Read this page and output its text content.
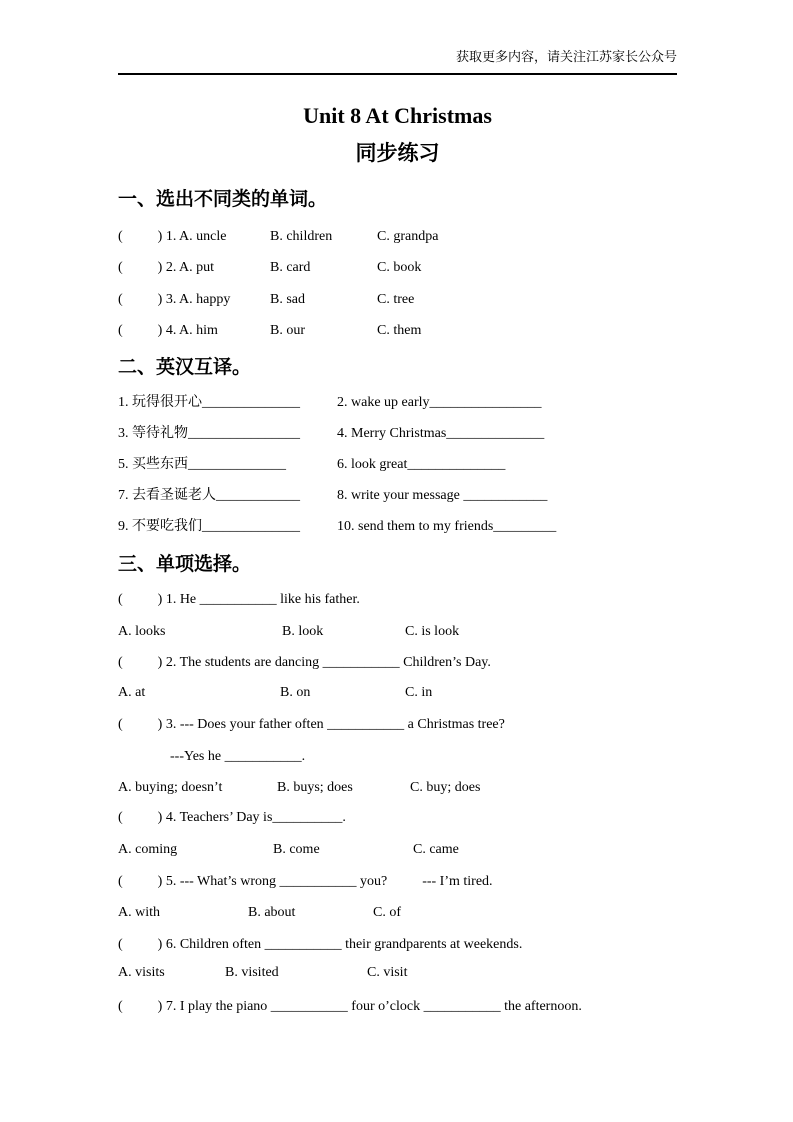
获取更多内容，请关注江苏家长公众号
Unit 8 At Christmas
同步练习
一、选出不同类的单词。
(          ) 1. A. uncle	B. children	C. grandpa
(          ) 2. A. put	B. card	C. book
(          ) 3. A. happy	B. sad	C. tree
(          ) 4. A. him	B. our	C. them
二、英汉互译。
1. 玩得很开心______________	2. wake up early________________
3. 等待礼物________________	4. Merry Christmas______________
5. 买些东西______________	6. look great______________
7. 去看圣诞老人____________	8. write your message ____________
9. 不要吃我们______________	10. send them to my friends_________
三、单项选择。
(          ) 1. He ___________ like his father.
A. looks	B. look	C. is look
(          ) 2. The students are dancing ___________ Children’s Day.
A. at	B. on	C. in
(          ) 3. --- Does your father often ___________ a Christmas tree?
---Yes he ___________.
A. buying; doesn’t	B. buys; does	C. buy; does
(          ) 4. Teachers’ Day is__________.
A. coming	B. come	C. came
(          ) 5. --- What’s wrong ___________ you?          --- I’m tired.
A. with	B. about	C. of
(          ) 6. Children often ___________ their grandparents at weekends.
A. visits	B. visited	C. visit
(          ) 7. I play the piano ___________ four o’clock ___________ the afternoon.
